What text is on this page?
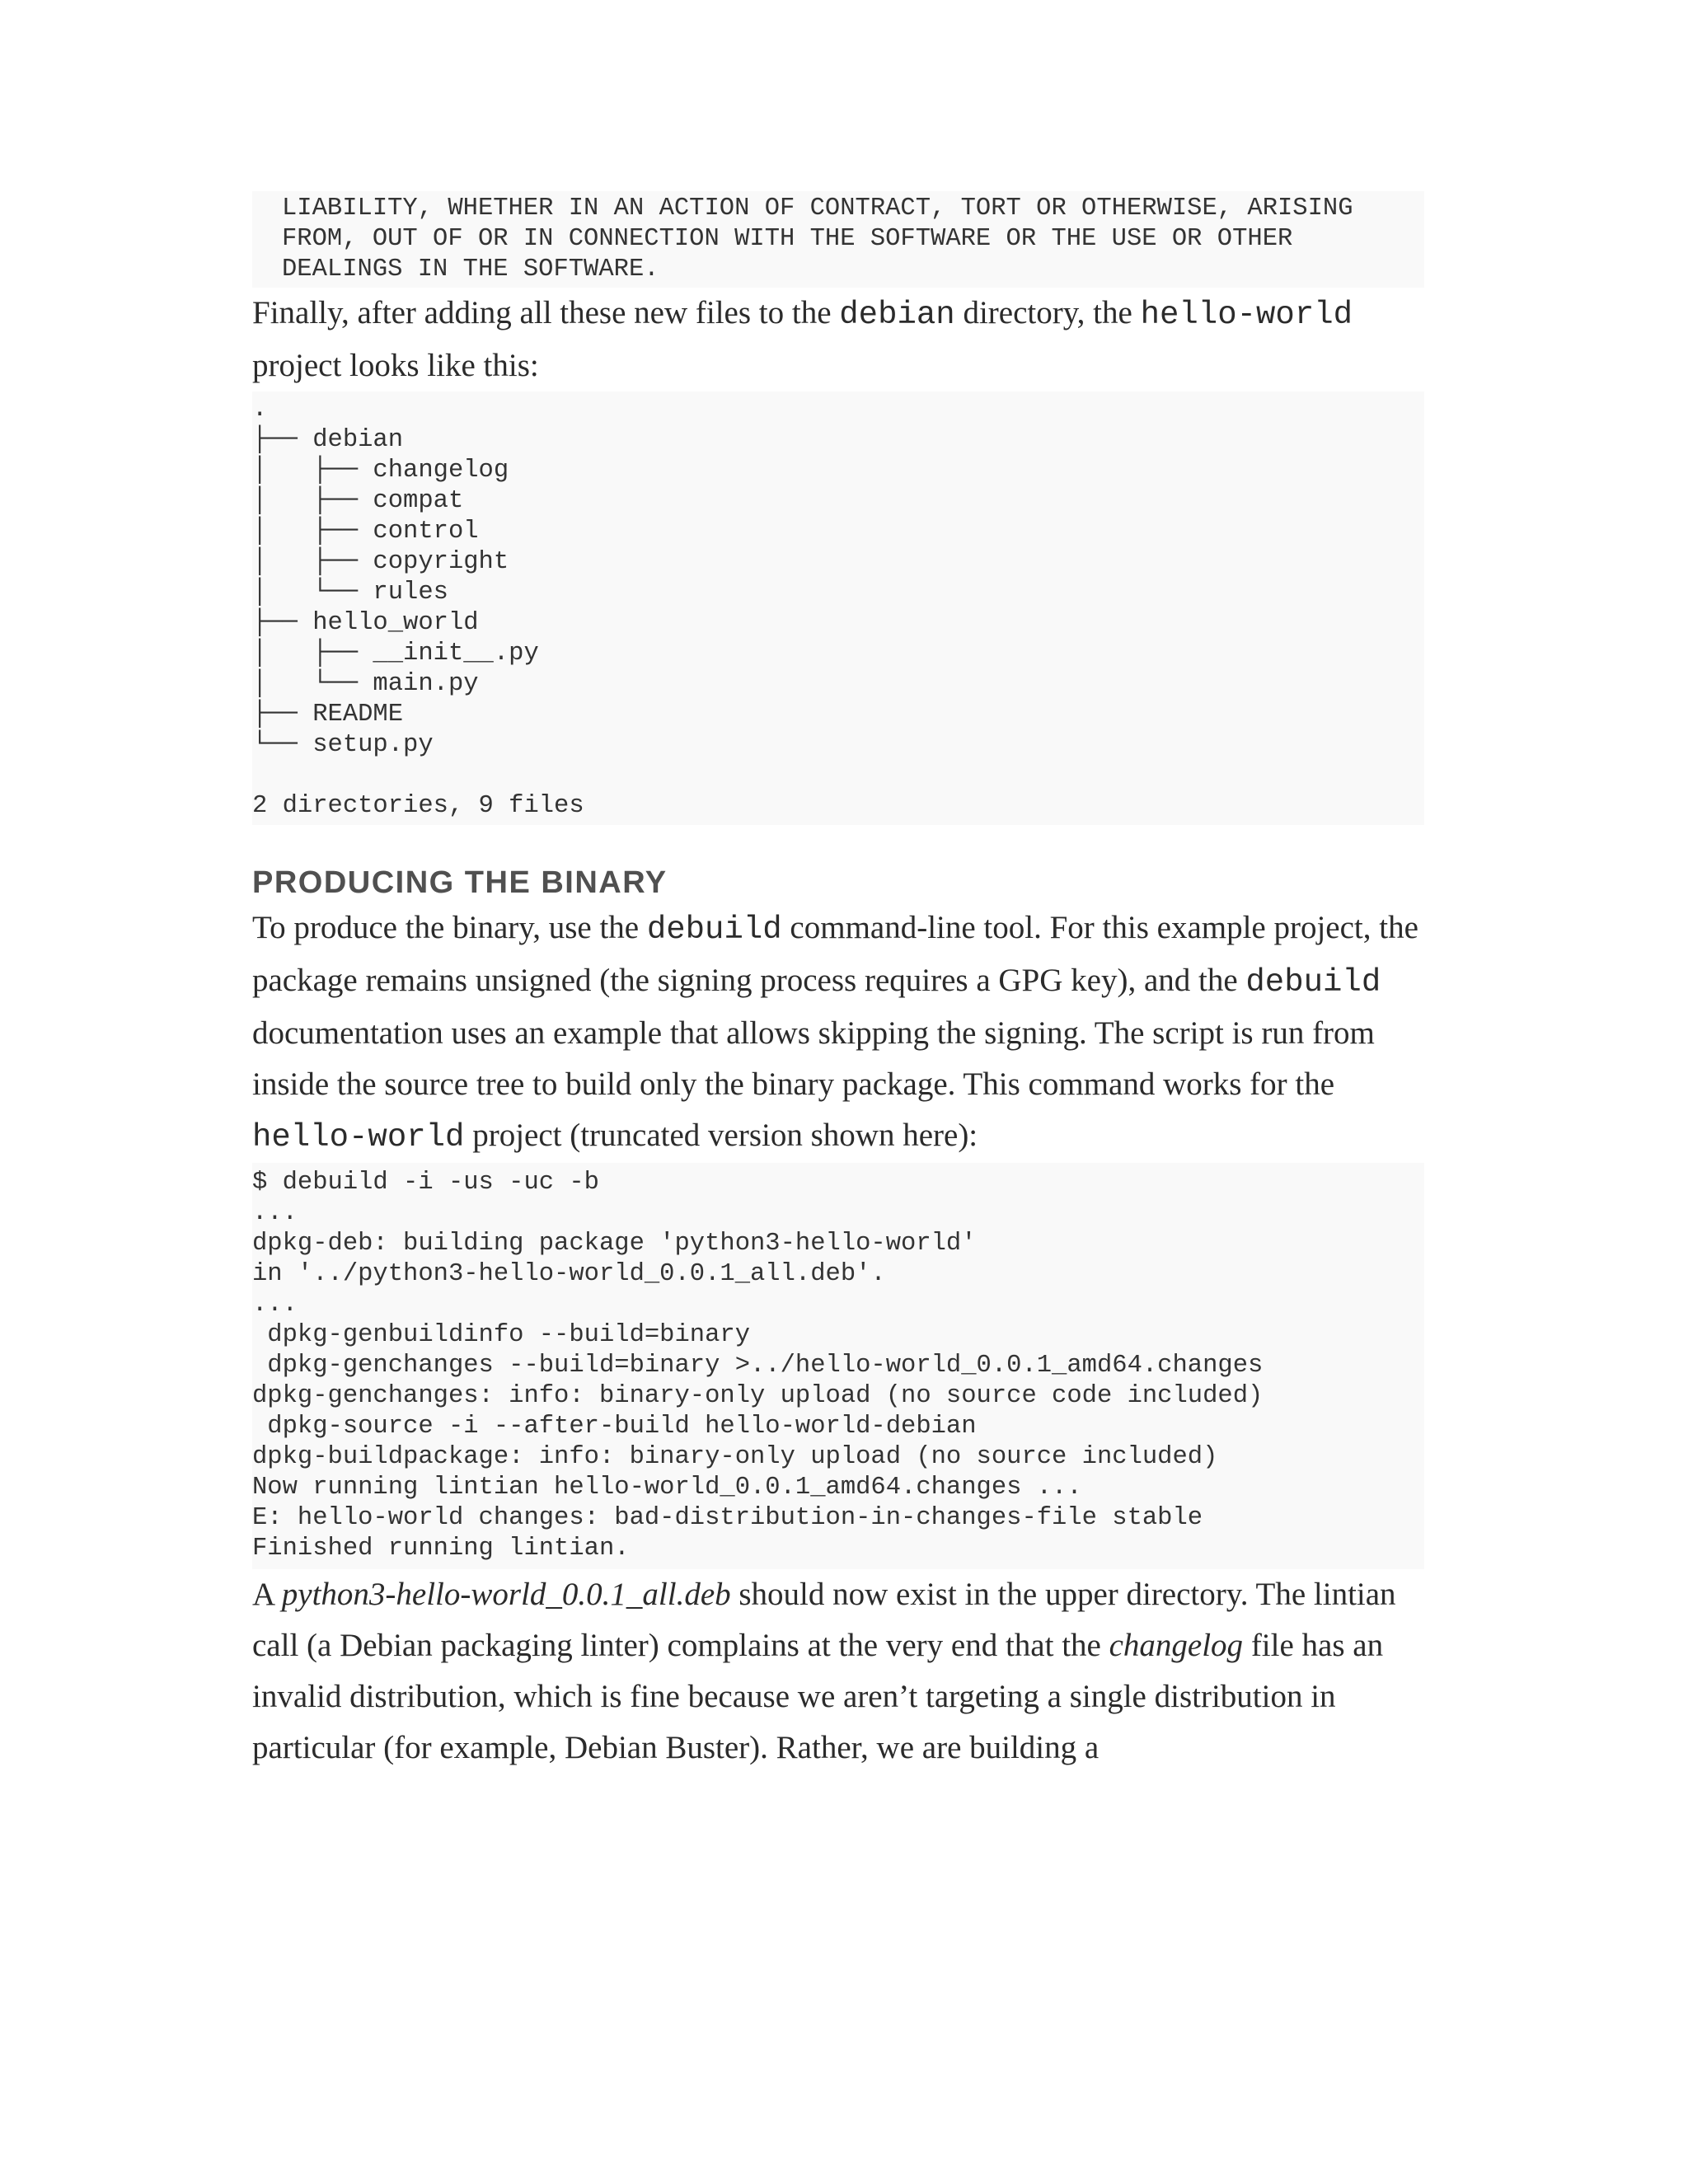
LIABILITY, WHETHER IN AN ACTION OF CONTRACT, TORT OR OTHERWISE, ARISING
FROM, OUT OF OR IN CONNECTION WITH THE SOFTWARE OR THE USE OR OTHER
DEALINGS IN THE SOFTWARE.

Finally, after adding all these new files to the debian directory, the hello-world project looks like this:

.
├── debian
│   ├── changelog
│   ├── compat
│   ├── control
│   ├── copyright
│   └── rules
├── hello_world
│   ├── __init__.py
│   └── main.py
├── README
└── setup.py

2 directories, 9 files
PRODUCING THE BINARY

To produce the binary, use the debuild command-line tool. For this example project, the package remains unsigned (the signing process requires a GPG key), and the debuild documentation uses an example that allows skipping the signing. The script is run from inside the source tree to build only the binary package. This command works for the hello-world project (truncated version shown here):

$ debuild -i -us -uc -b
...
dpkg-deb: building package 'python3-hello-world'
in '../python3-hello-world_0.0.1_all.deb'.
...
dpkg-genbuildinfo --build=binary
dpkg-genchanges --build=binary >../hello-world_0.0.1_amd64.changes
dpkg-genchanges: info: binary-only upload (no source code included)
dpkg-source -i --after-build hello-world-debian
dpkg-buildpackage: info: binary-only upload (no source included)
Now running lintian hello-world_0.0.1_amd64.changes ...
E: hello-world changes: bad-distribution-in-changes-file stable
Finished running lintian.

A python3-hello-world_0.0.1_all.deb should now exist in the upper directory. The lintian call (a Debian packaging linter) complains at the very end that the changelog file has an invalid distribution, which is fine because we aren’t targeting a single distribution in particular (for example, Debian Buster). Rather, we are building a
